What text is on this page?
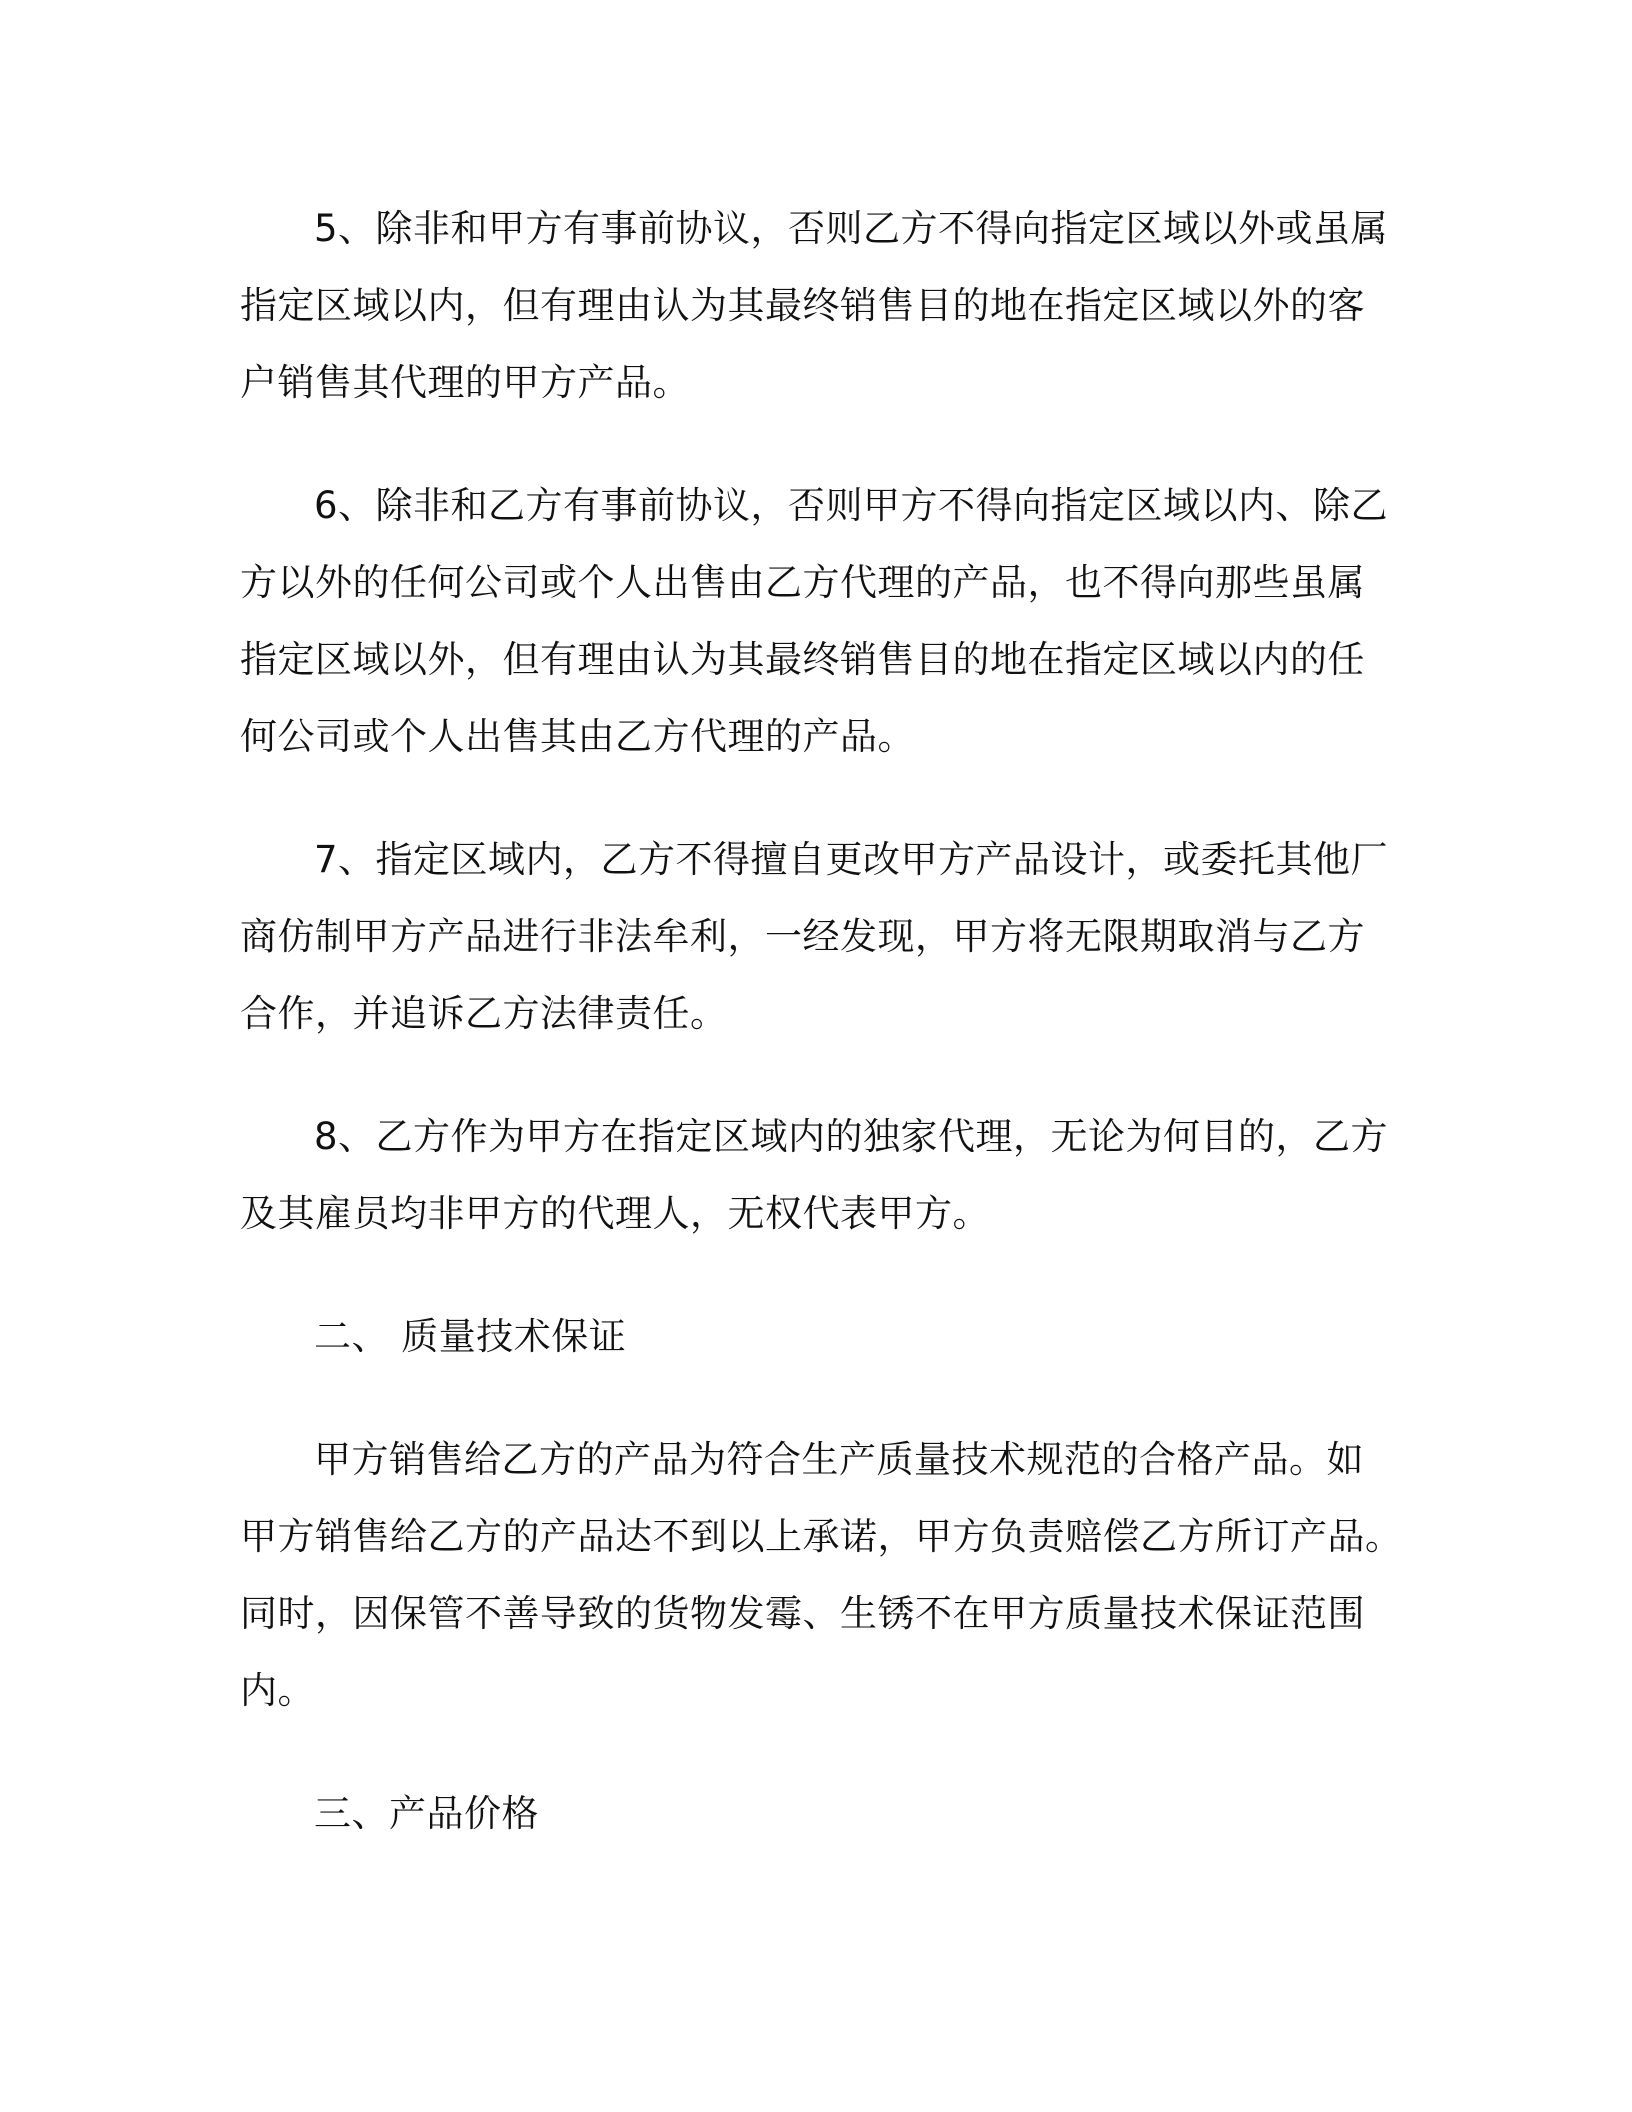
5、除非和甲方有事前协议，否则乙方不得向指定区域以外或虽属
指定区域以内，但有理由认为其最终销售目的地在指定区域以外的客
户销售其代理的甲方产品。
6、除非和乙方有事前协议，否则甲方不得向指定区域以内、除乙
方以外的任何公司或个人出售由乙方代理的产品，也不得向那些虽属
指定区域以外，但有理由认为其最终销售目的地在指定区域以内的任
何公司或个人出售其由乙方代理的产品。
7、指定区域内，乙方不得擅自更改甲方产品设计，或委托其他厂
商仿制甲方产品进行非法牟利，一经发现，甲方将无限期取消与乙方
合作，并追诉乙方法律责任。
8、乙方作为甲方在指定区域内的独家代理，无论为何目的，乙方
及其雇员均非甲方的代理人，无权代表甲方。
二、 质量技术保证
甲方销售给乙方的产品为符合生产质量技术规范的合格产品。如
甲方销售给乙方的产品达不到以上承诺，甲方负责赔偿乙方所订产品。
同时，因保管不善导致的货物发霉、生锈不在甲方质量技术保证范围
内。
三、产品价格
